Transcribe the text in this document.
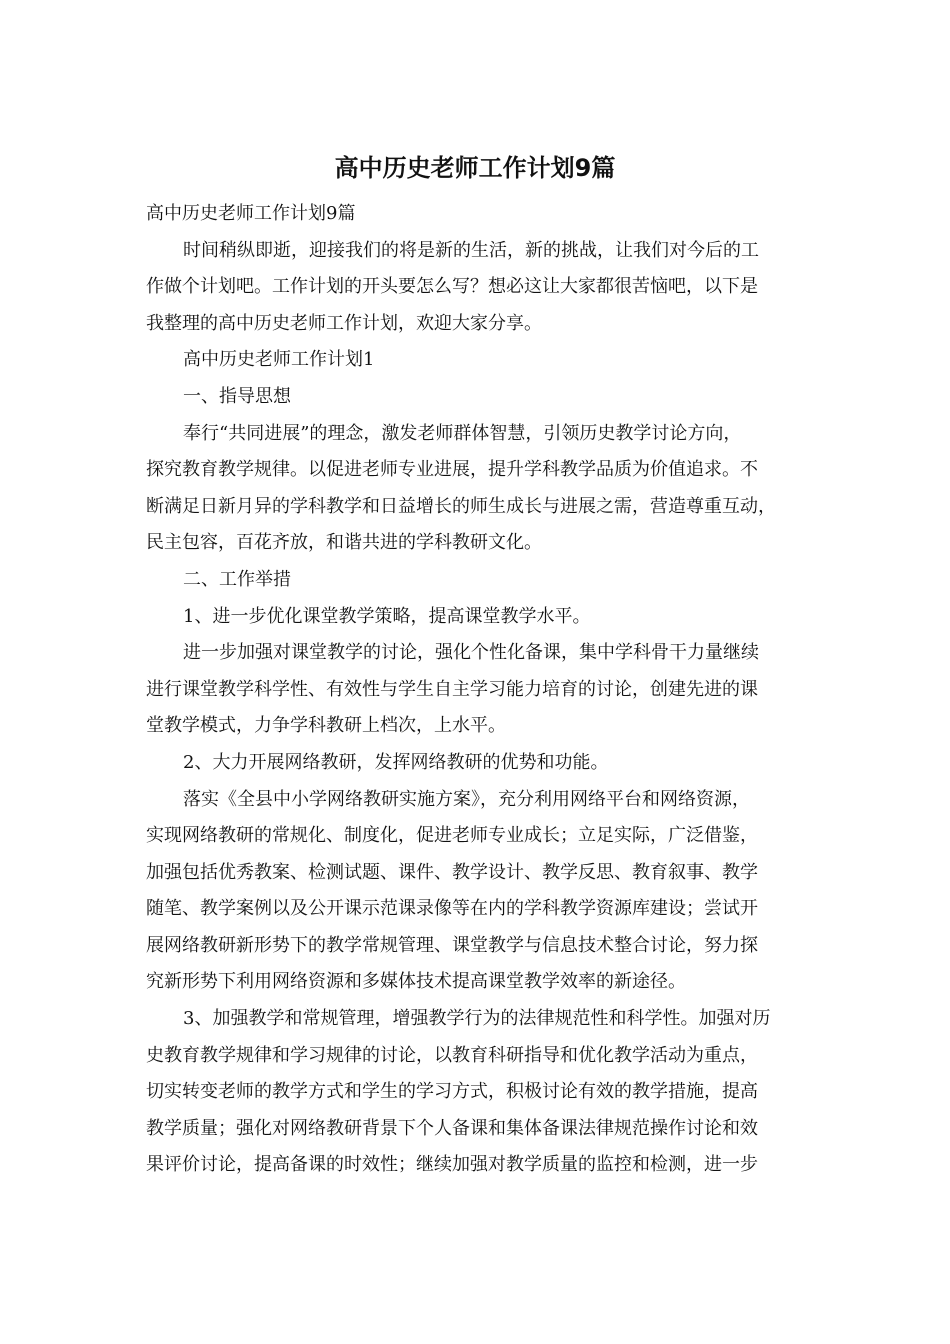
高中历史老师工作计划9篇

高中历史老师工作计划9篇

时间稍纵即逝，迎接我们的将是新的生活，新的挑战，让我们对今后的工

作做个计划吧。工作计划的开头要怎么写？想必这让大家都很苦恼吧，以下是

我整理的高中历史老师工作计划，欢迎大家分享。

高中历史老师工作计划1

一、指导思想

奉行“共同进展”的理念，激发老师群体智慧，引领历史教学讨论方向，

探究教育教学规律。以促进老师专业进展，提升学科教学品质为价值追求。不

断满足日新月异的学科教学和日益增长的师生成长与进展之需，营造尊重互动，

民主包容，百花齐放，和谐共进的学科教研文化。

二、工作举措

1、进一步优化课堂教学策略，提高课堂教学水平。

进一步加强对课堂教学的讨论，强化个性化备课，集中学科骨干力量继续

进行课堂教学科学性、有效性与学生自主学习能力培育的讨论，创建先进的课

堂教学模式，力争学科教研上档次，上水平。

2、大力开展网络教研，发挥网络教研的优势和功能。

落实《全县中小学网络教研实施方案》，充分利用网络平台和网络资源，

实现网络教研的常规化、制度化，促进老师专业成长；立足实际，广泛借鉴，

加强包括优秀教案、检测试题、课件、教学设计、教学反思、教育叙事、教学

随笔、教学案例以及公开课示范课录像等在内的学科教学资源库建设；尝试开

展网络教研新形势下的教学常规管理、课堂教学与信息技术整合讨论，努力探

究新形势下利用网络资源和多媒体技术提高课堂教学效率的新途径。

3、加强教学和常规管理，增强教学行为的法律规范性和科学性。加强对历

史教育教学规律和学习规律的讨论，以教育科研指导和优化教学活动为重点，

切实转变老师的教学方式和学生的学习方式，积极讨论有效的教学措施，提高

教学质量；强化对网络教研背景下个人备课和集体备课法律规范操作讨论和效

果评价讨论，提高备课的时效性；继续加强对教学质量的监控和检测，进一步
